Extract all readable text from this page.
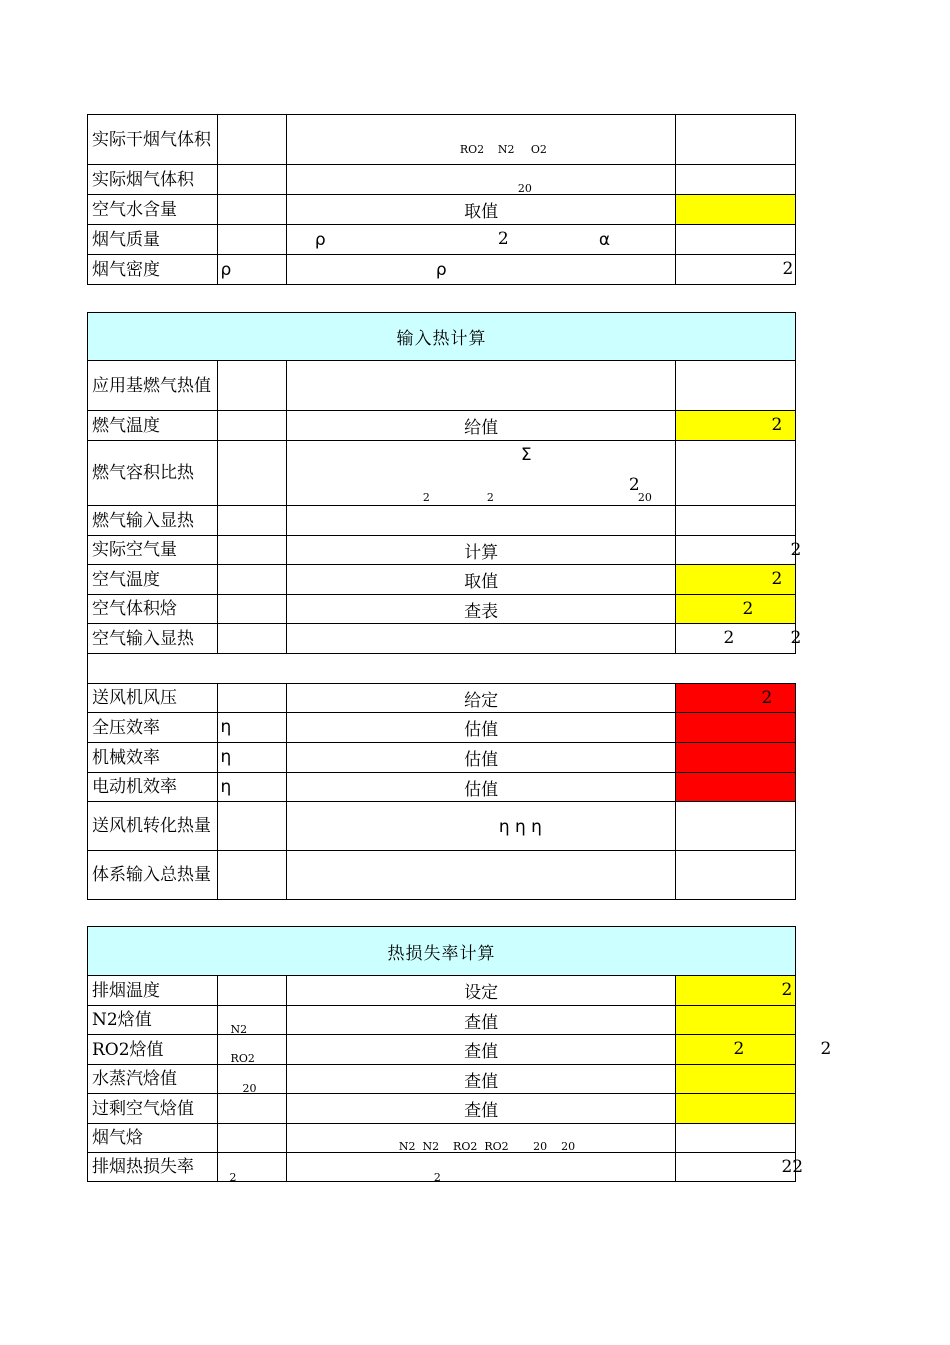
实际干烟气体积		RO2 N2 O2	

实际烟气体积		20	

空气水含量		取值	
烟气质量		ρ 2 α	

烟气密度	ρ	ρ	2
输入热计算			
应用基燃气热值			
燃气温度		给值	2

燃气容积比热		Σ
2 2
2
20	

燃气输入显热			
实际空气量		计算	2

空气温度		取值	2

空气体积焓		查表	2

空气输入显热			2 2

送风机风压		给定	2

全压效率	η	估值	
机械效率	η	估值	
电动机效率	η	估值	
送风机转化热量		η η η	

体系输入总热量			
热损失率计算			
排烟温度		设定	2

N2焓值	N2	查值	
RO2焓值	RO2	查值	2 2

水蒸汽焓值	20	查值	
过剩空气焓值		查值	
烟气焓		N2  N2    RO2  RO2       20    20	

排烟热损失率	2	2	22
